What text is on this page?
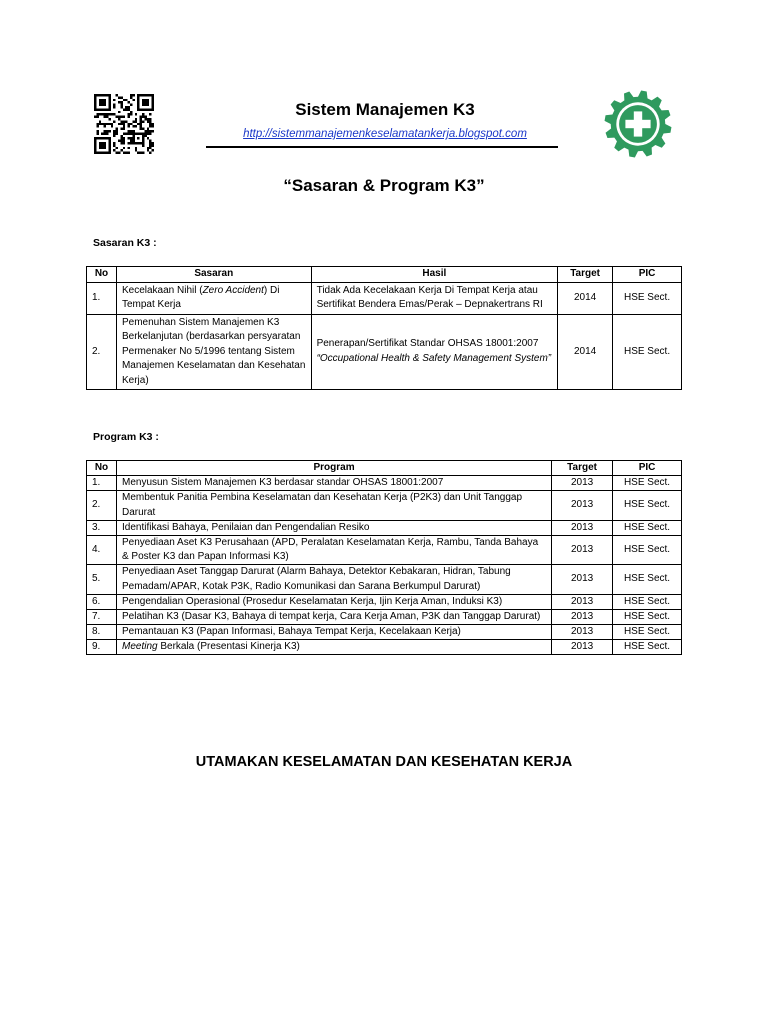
Sistem Manajemen K3
http://sistemmanajemenkeselamatankerja.blogspot.com
“Sasaran & Program K3”
Sasaran K3 :
No	Sasaran	Hasil	Target	PIC
1.	Kecelakaan Nihil (Zero Accident) Di Tempat Kerja	Tidak Ada Kecelakaan Kerja Di Tempat Kerja atau Sertifikat Bendera Emas/Perak – Depnakertrans RI	2014	HSE Sect.
2.	Pemenuhan Sistem Manajemen K3 Berkelanjutan (berdasarkan persyaratan Permenaker No 5/1996 tentang Sistem Manajemen Keselamatan dan Kesehatan Kerja)	Penerapan/Sertifikat Standar OHSAS 18001:2007 “Occupational Health & Safety Management System”	2014	HSE Sect.
Program K3 :
No	Program	Target	PIC
1.	Menyusun Sistem Manajemen K3 berdasar standar OHSAS 18001:2007	2013	HSE Sect.
2.	Membentuk Panitia Pembina Keselamatan dan Kesehatan Kerja (P2K3) dan Unit Tanggap Darurat	2013	HSE Sect.
3.	Identifikasi Bahaya, Penilaian dan Pengendalian Resiko	2013	HSE Sect.
4.	Penyediaan Aset K3 Perusahaan (APD, Peralatan Keselamatan Kerja, Rambu, Tanda Bahaya & Poster K3 dan Papan Informasi K3)	2013	HSE Sect.
5.	Penyediaan Aset Tanggap Darurat (Alarm Bahaya, Detektor Kebakaran, Hidran, Tabung Pemadam/APAR, Kotak P3K, Radio Komunikasi dan Sarana Berkumpul Darurat)	2013	HSE Sect.
6.	Pengendalian Operasional (Prosedur Keselamatan Kerja, Ijin Kerja Aman, Induksi K3)	2013	HSE Sect.
7.	Pelatihan K3 (Dasar K3, Bahaya di tempat kerja, Cara Kerja Aman, P3K dan Tanggap Darurat)	2013	HSE Sect.
8.	Pemantauan K3 (Papan Informasi, Bahaya Tempat Kerja, Kecelakaan Kerja)	2013	HSE Sect.
9.	Meeting Berkala (Presentasi Kinerja K3)	2013	HSE Sect.
UTAMAKAN KESELAMATAN DAN KESEHATAN KERJA
